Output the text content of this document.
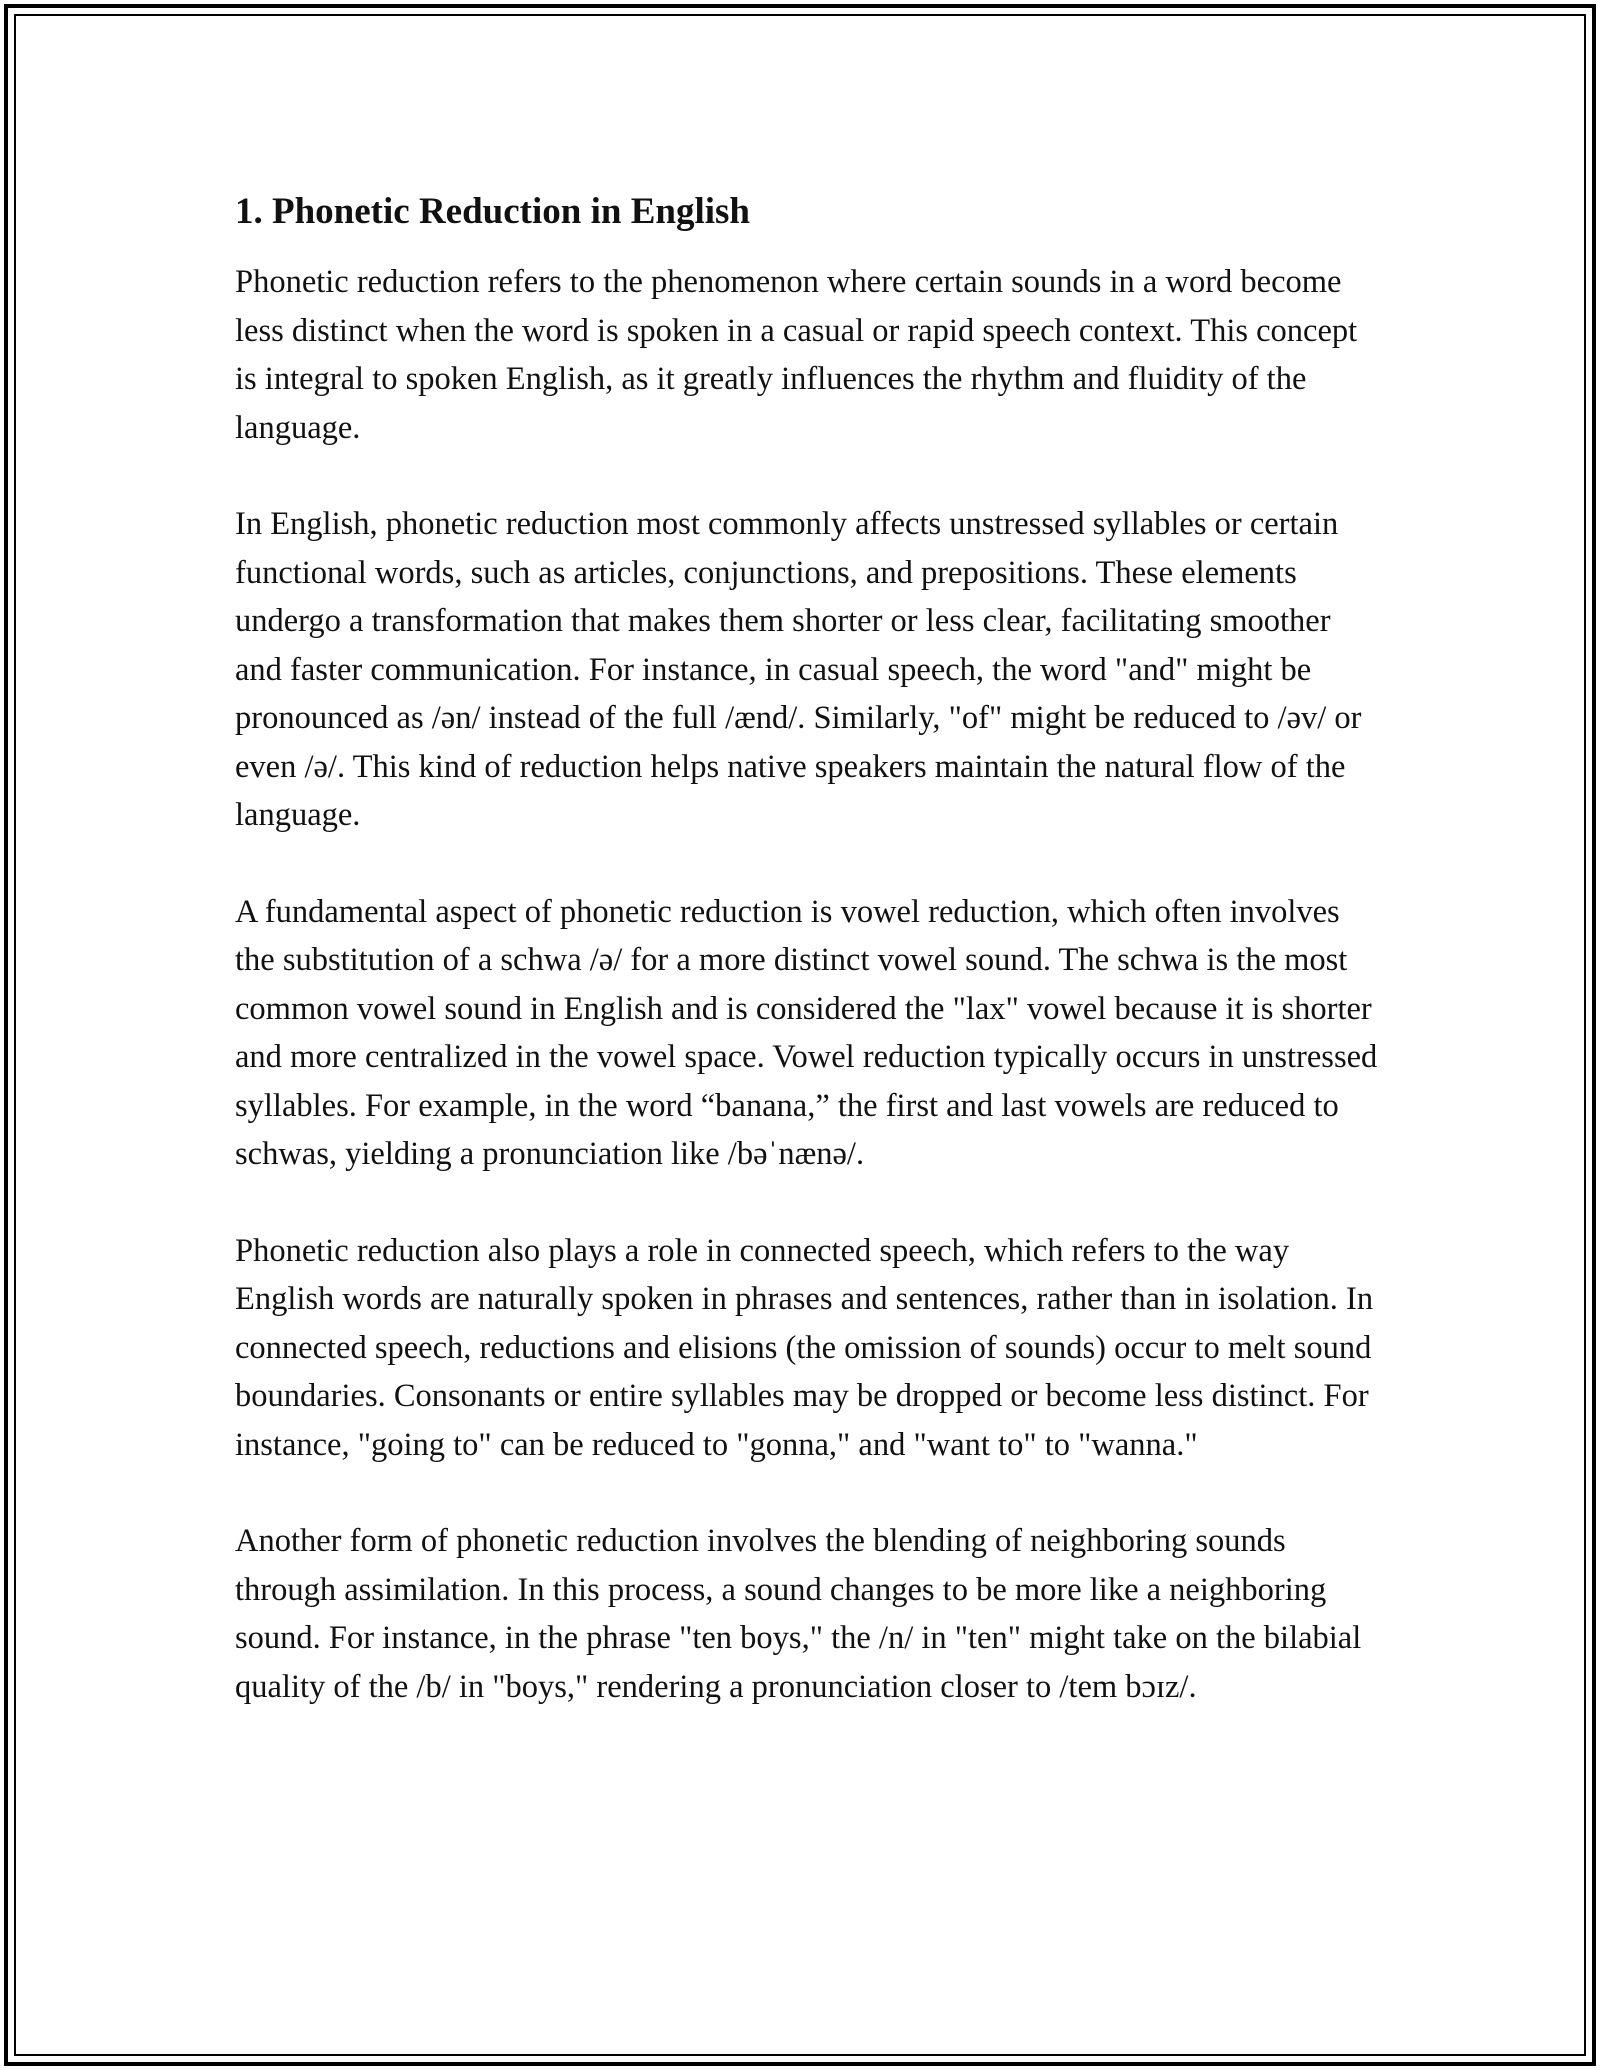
1. Phonetic Reduction in English

Phonetic reduction refers to the phenomenon where certain sounds in a word become less distinct when the word is spoken in a casual or rapid speech context. This concept is integral to spoken English, as it greatly influences the rhythm and fluidity of the language.

In English, phonetic reduction most commonly affects unstressed syllables or certain functional words, such as articles, conjunctions, and prepositions. These elements undergo a transformation that makes them shorter or less clear, facilitating smoother and faster communication. For instance, in casual speech, the word "and" might be pronounced as /ən/ instead of the full /ænd/. Similarly, "of" might be reduced to /əv/ or even /ə/. This kind of reduction helps native speakers maintain the natural flow of the language.

A fundamental aspect of phonetic reduction is vowel reduction, which often involves the substitution of a schwa /ə/ for a more distinct vowel sound. The schwa is the most common vowel sound in English and is considered the "lax" vowel because it is shorter and more centralized in the vowel space. Vowel reduction typically occurs in unstressed syllables. For example, in the word “banana,” the first and last vowels are reduced to schwas, yielding a pronunciation like /bəˈnænə/.

Phonetic reduction also plays a role in connected speech, which refers to the way English words are naturally spoken in phrases and sentences, rather than in isolation. In connected speech, reductions and elisions (the omission of sounds) occur to melt sound boundaries. Consonants or entire syllables may be dropped or become less distinct. For instance, "going to" can be reduced to "gonna," and "want to" to "wanna."

Another form of phonetic reduction involves the blending of neighboring sounds through assimilation. In this process, a sound changes to be more like a neighboring sound. For instance, in the phrase "ten boys," the /n/ in "ten" might take on the bilabial quality of the /b/ in "boys," rendering a pronunciation closer to /tem bɔɪz/.
